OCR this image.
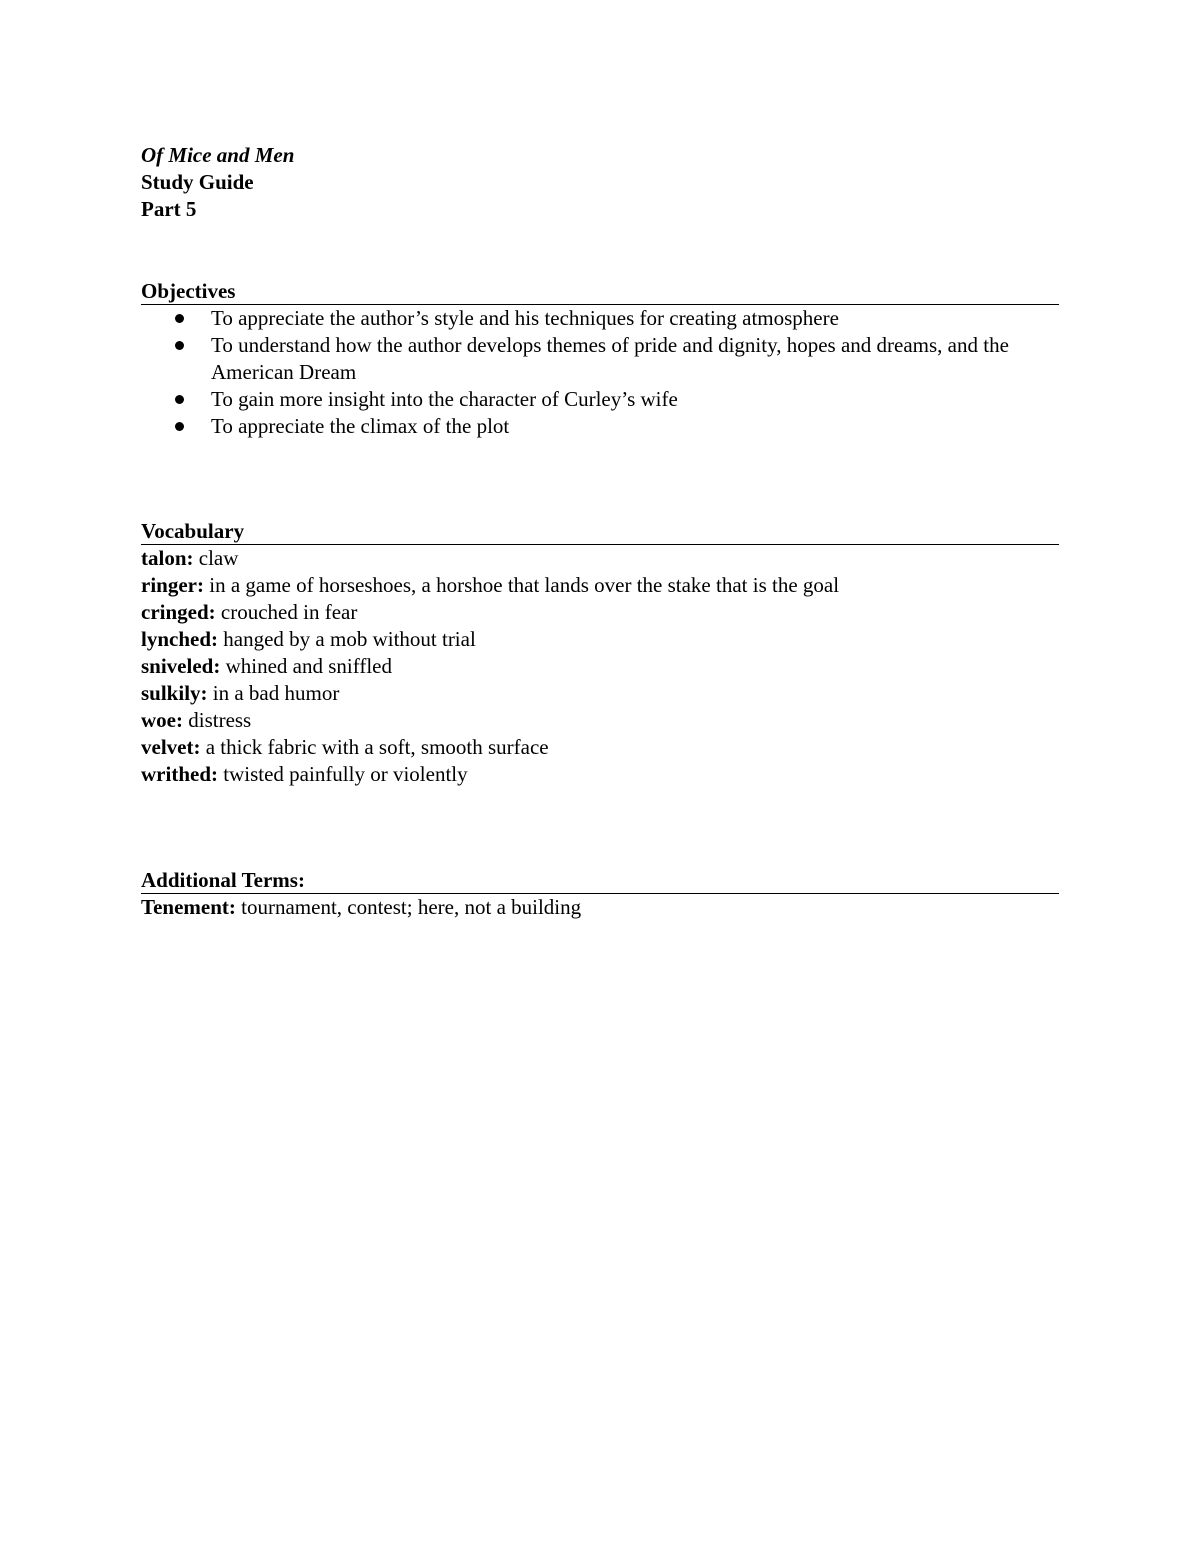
Of Mice and Men
Study Guide
Part 5
Objectives
To appreciate the author’s style and his techniques for creating atmosphere
To understand how the author develops themes of pride and dignity, hopes and dreams, and the American Dream
To gain more insight into the character of Curley’s wife
To appreciate the climax of the plot
Vocabulary
talon: claw
ringer: in a game of horseshoes, a horshoe that lands over the stake that is the goal
cringed: crouched in fear
lynched: hanged by a mob without trial
sniveled: whined and sniffled
sulkily: in a bad humor
woe: distress
velvet: a thick fabric with a soft, smooth surface
writhed: twisted painfully or violently
Additional Terms:
Tenement: tournament, contest; here, not a building
